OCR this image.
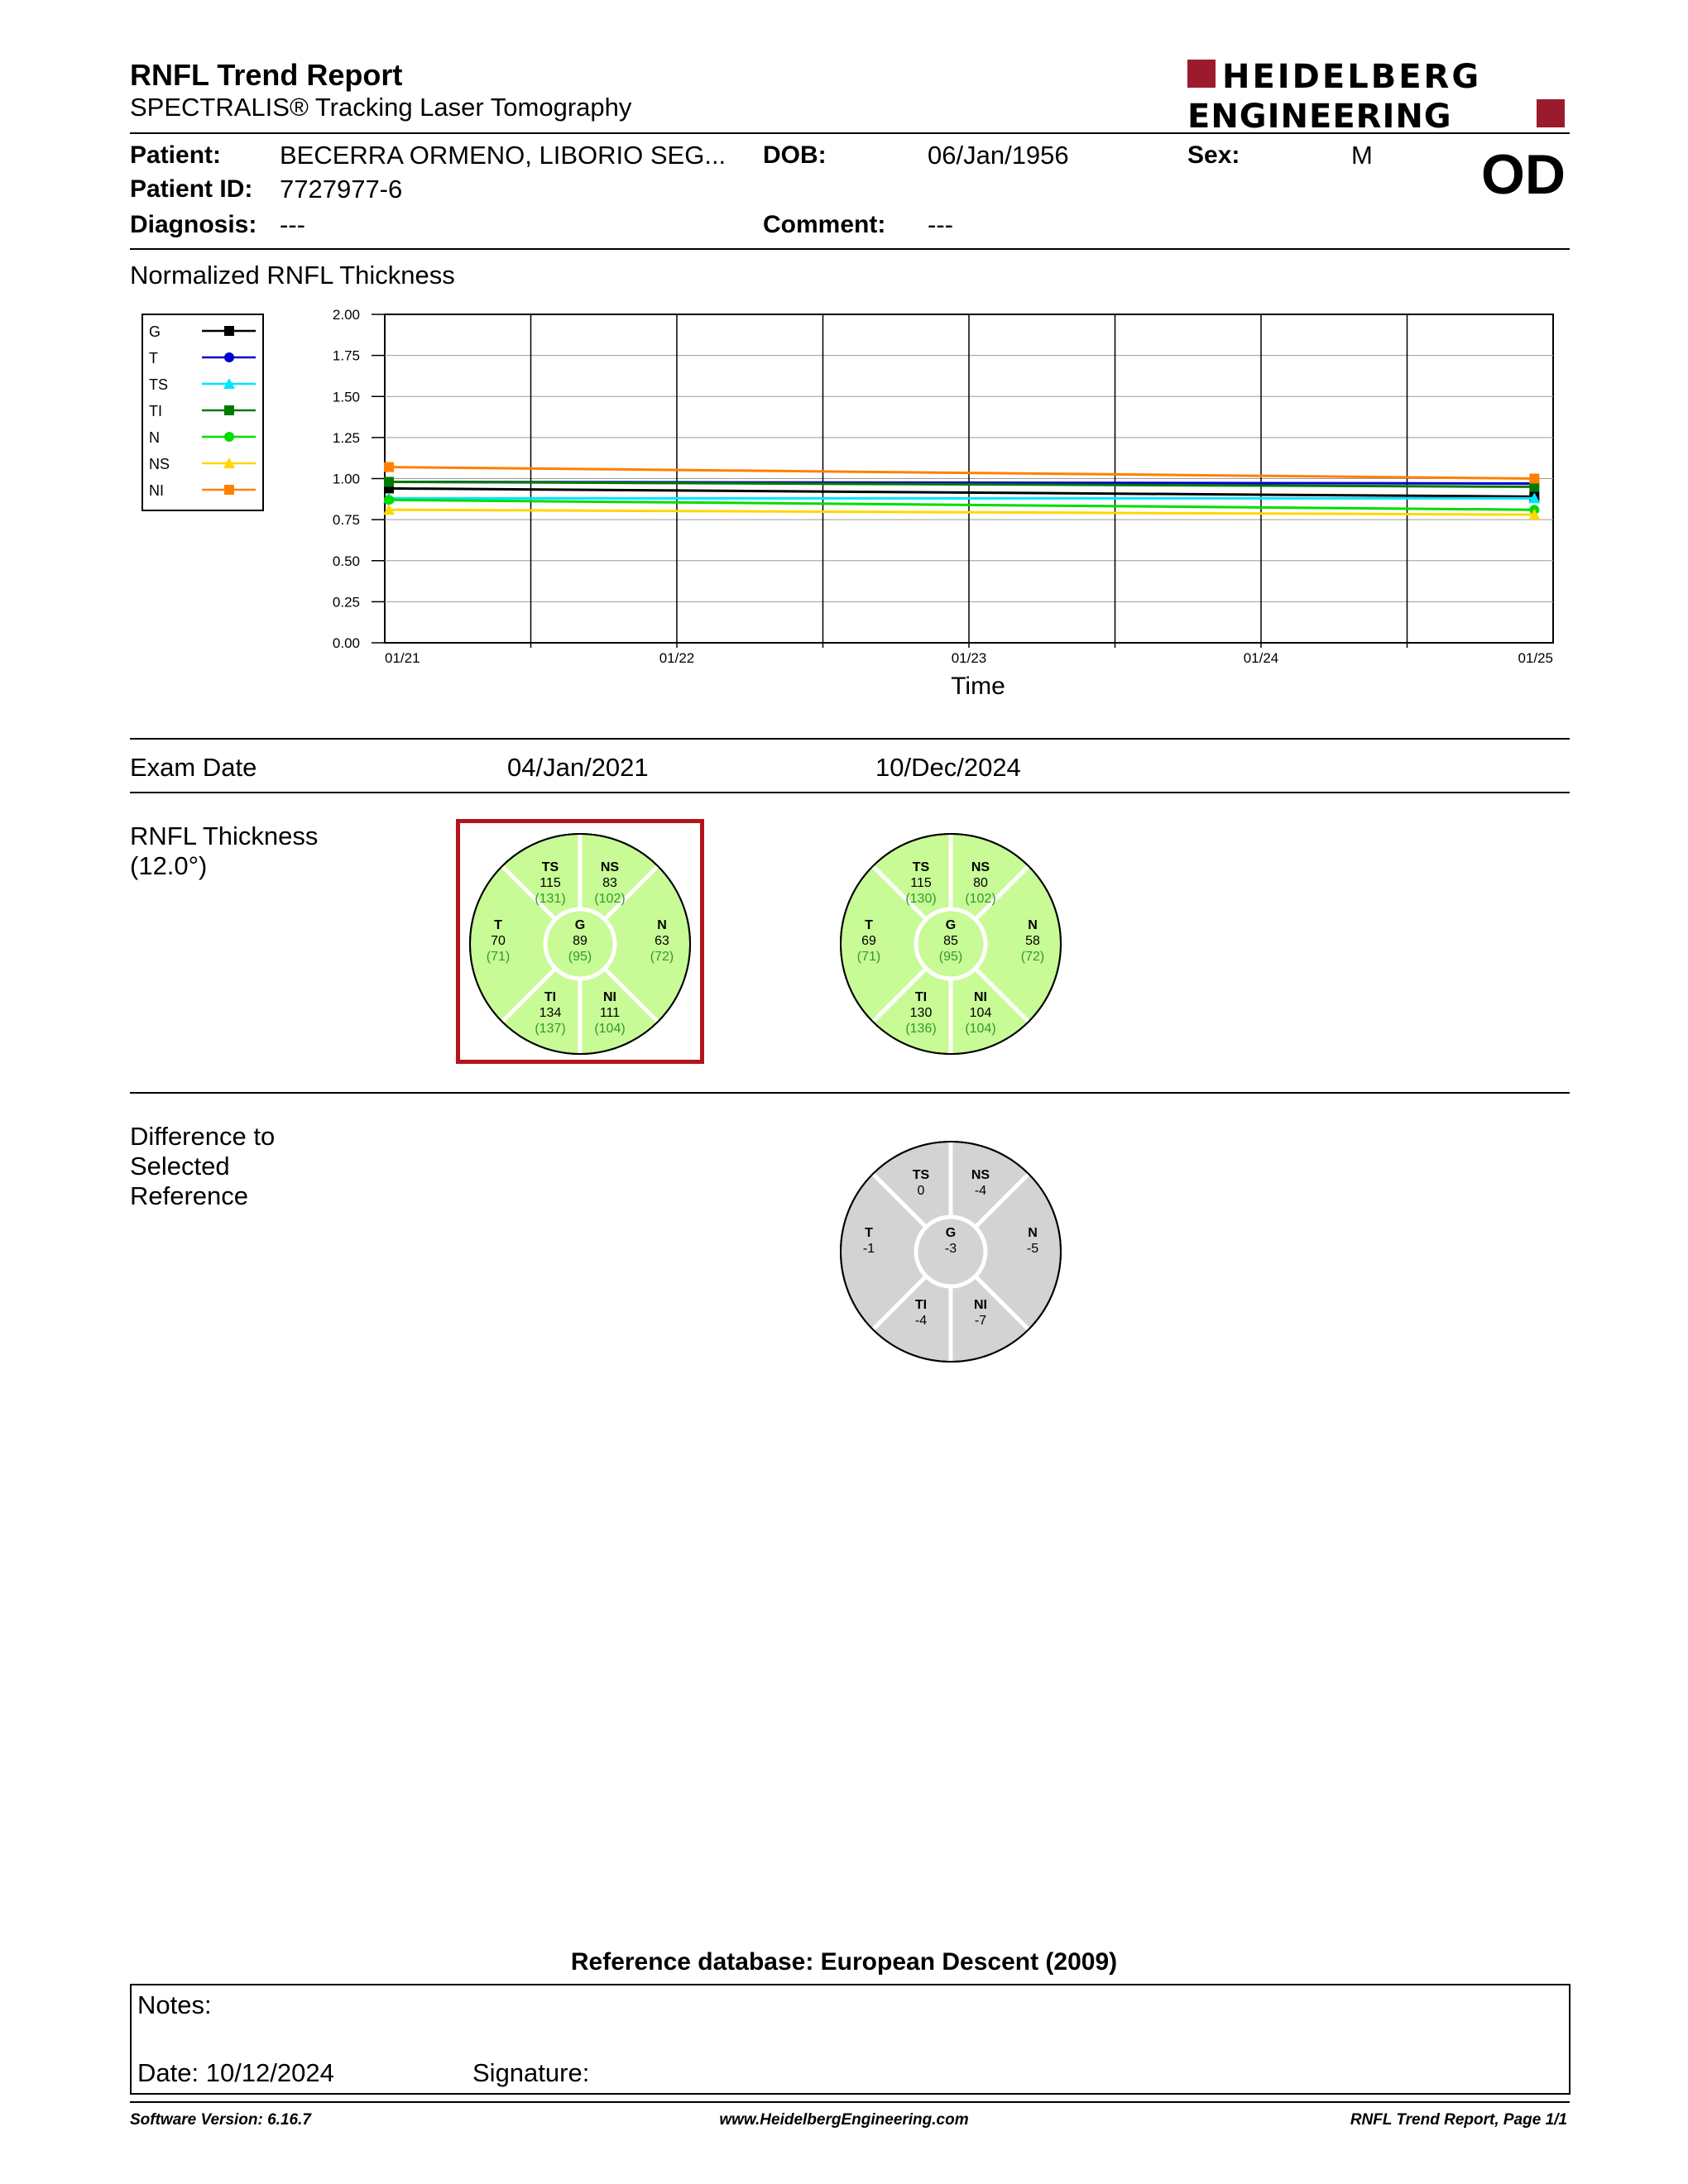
RNFL Trend Report
SPECTRALIS® Tracking Laser Tomography
HEIDELBERG
ENGINEERING
Patient: BECERRA ORMENO, LIBORIO SEG...
Patient ID: 7727977-6
Diagnosis: ---
DOB:	06/Jan/1956
Comment: ---
Sex:	M OD
Normalized RNFL Thickness
G
T
TS
TI
N
NS
NI
0.00
0.25
0.50
0.75
1.00
1.25
1.50
1.75
2.00
01/21	01/22	01/23	01/24	01/25
Time
Exam Date	04/Jan/2021	10/Dec/2024
RNFL Thickness
(12.0°)	TS
115
(131)
NS
83
(102)
T
70
(71)
G
89
(95)
N
63
(72)
TI
134
(137)
NI
111
(104)
TS
115
(130)
NS
80
(102)
T
69
(71)
G
85
(95)
N
58
(72)
TI
130
(136)
NI
104
(104)
Difference to
Selected
Reference
TS
0
NS
-4
T
-1
G
-3
N
-5
TI
-4
NI
-7
Reference database: European Descent (2009)
Notes:
Date: 10/12/2024	Signature:
Software Version: 6.16.7	www.HeidelbergEngineering.com	RNFL Trend Report, Page 1/1
